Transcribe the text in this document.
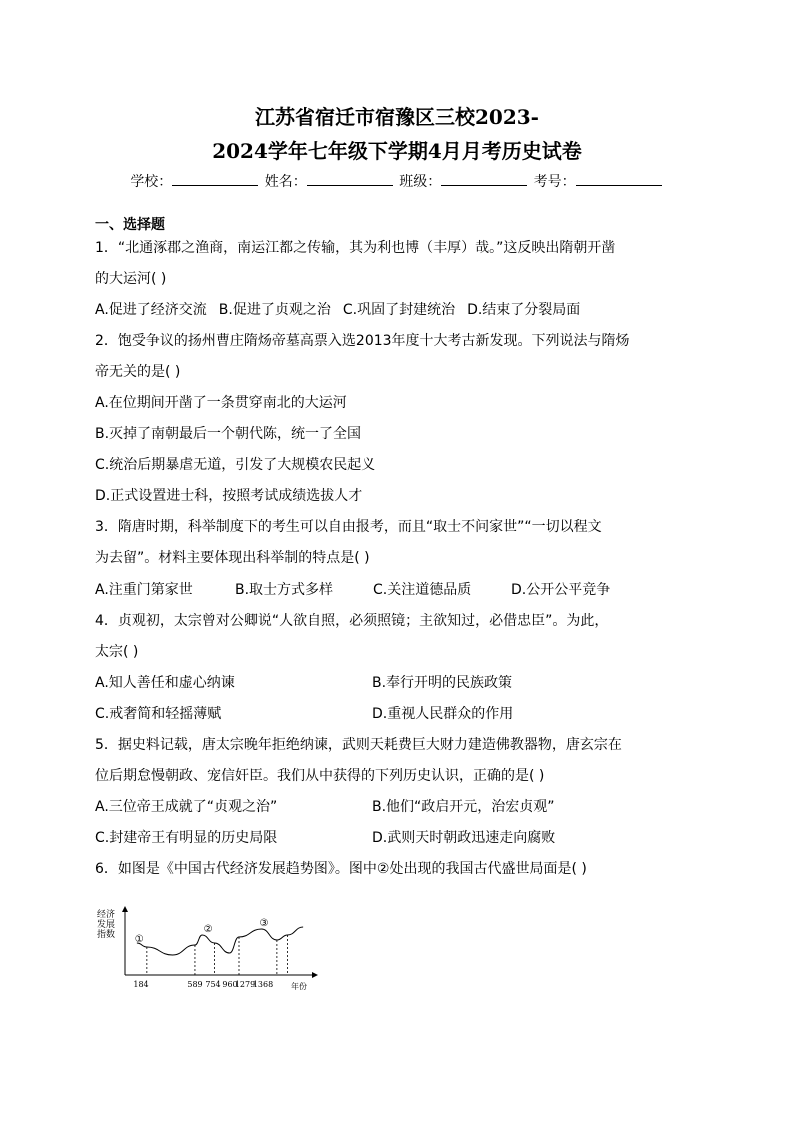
江苏省宿迁市宿豫区三校2023-
2024学年七年级下学期4月月考历史试卷
学校：	姓名：	班级：	考号：
一、选择题
1．“北通涿郡之渔商，南运江都之传输，其为利也博（丰厚）哉。”这反映出隋朝开凿
的大运河( )
A.促进了经济交流 B.促进了贞观之治 C.巩固了封建统治 D.结束了分裂局面
2．饱受争议的扬州曹庄隋炀帝墓高票入选2013年度十大考古新发现。下列说法与隋炀
帝无关的是( )
A.在位期间开凿了一条贯穿南北的大运河
B.灭掉了南朝最后一个朝代陈，统一了全国
C.统治后期暴虐无道，引发了大规模农民起义
D.正式设置进士科，按照考试成绩选拔人才
3．隋唐时期，科举制度下的考生可以自由报考，而且“取士不问家世”“一切以程文
为去留”。材料主要体现出科举制的特点是( )
A.注重门第家世	B.取士方式多样	C.关注道德品质	D.公开公平竞争
4．贞观初，太宗曾对公卿说“人欲自照，必须照镜；主欲知过，必借忠臣”。为此，
太宗( )
A.知人善任和虚心纳谏	B.奉行开明的民族政策
C.戒奢简和轻摇薄赋	D.重视人民群众的作用
5．据史料记载，唐太宗晚年拒绝纳谏，武则天耗费巨大财力建造佛教器物，唐玄宗在
位后期怠慢朝政、宠信奸臣。我们从中获得的下列历史认识，正确的是( )
A.三位帝王成就了“贞观之治”	B.他们“政启开元，治宏贞观”
C.封建帝王有明显的历史局限	D.武则天时朝政迅速走向腐败
6．如图是《中国古代经济发展趋势图》。图中②处出现的我国古代盛世局面是( )
经济
发展
指数
年份
184	589 754 960
1279
1368
①
②
③
